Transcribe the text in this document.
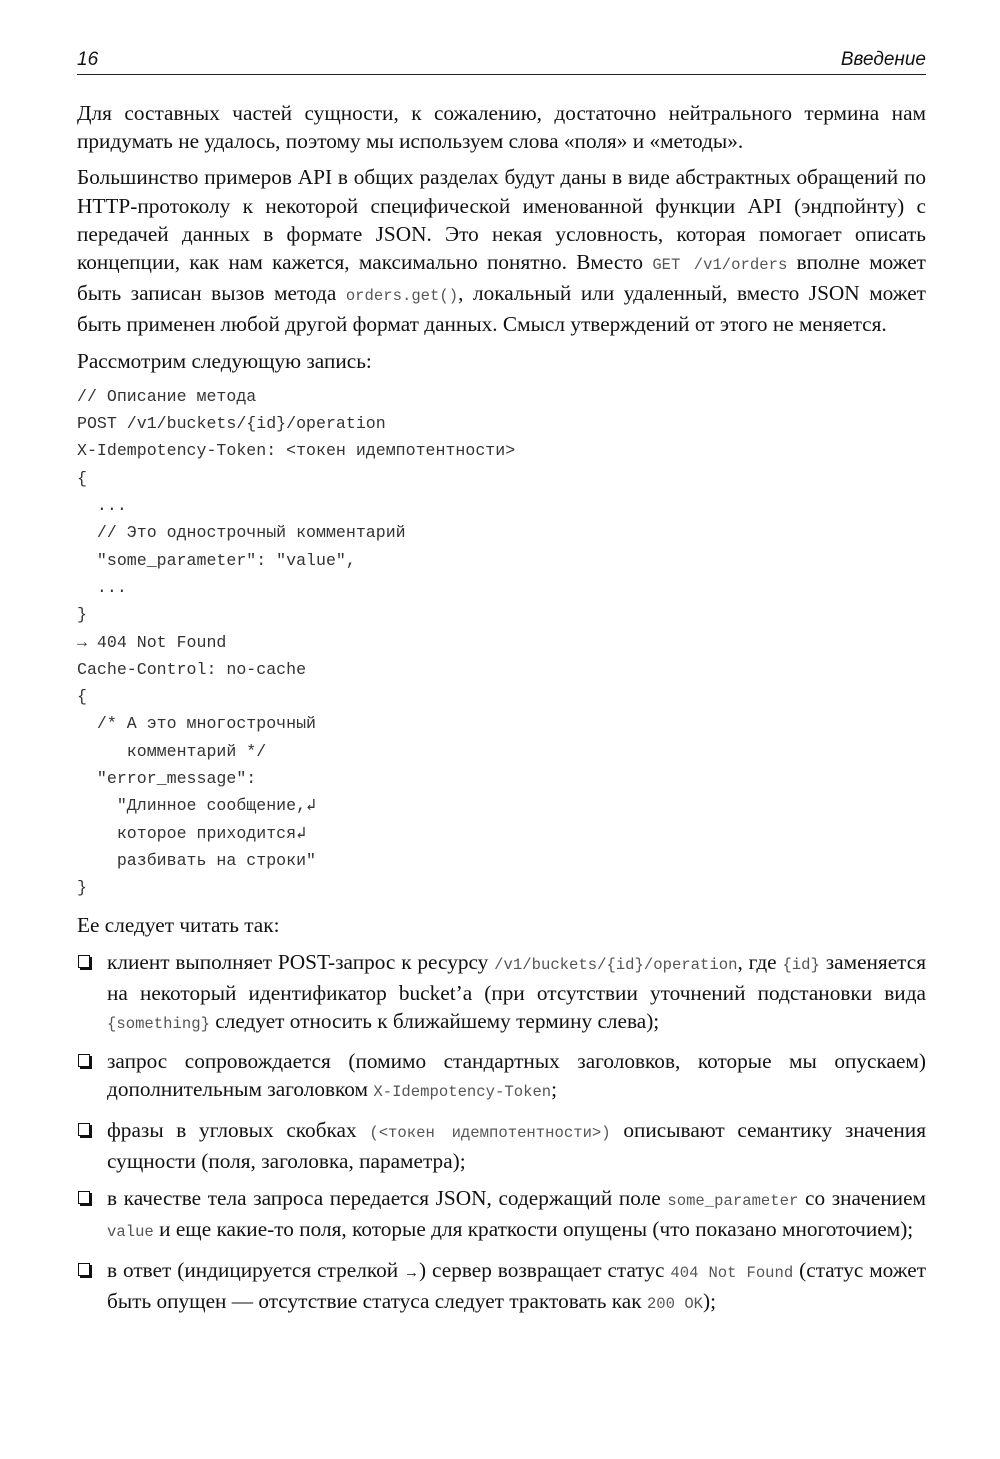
16	Введение

Для составных частей сущности, к сожалению, достаточно нейтрального термина нам придумать не удалось, поэтому мы используем слова «поля» и «методы».

Большинство примеров API в общих разделах будут даны в виде абстрактных обращений по HTTP-протоколу к некоторой специфической именованной функции API (эндпойнту) с передачей данных в формате JSON. Это некая условность, которая помогает описать концепции, как нам кажется, максимально понятно. Вместо GET /v1/orders вполне может быть записан вызов метода orders.get(), локальный или удаленный, вместо JSON может быть применен любой другой формат данных. Смысл утверждений от этого не меняется.

Рассмотрим следующую запись:

// Описание метода
POST /v1/buckets/{id}/operation
X-Idempotency-Token: <токен идемпотентности>
{
...
// Это однострочный комментарий
"some_parameter": "value",
...
}
→ 404 Not Found
Cache-Control: no-cache
{
/* А это многострочный
комментарий */
"error_message":
"Длинное сообщение,↲
которое приходится↲
разбивать на строки"
}

Ее следует читать так:

клиент выполняет POST-запрос к ресурсу /v1/buckets/{id}/operation, где {id} заменяется на некоторый идентификатор bucket’а (при отсутствии уточнений подстановки вида {something} следует относить к ближайшему термину слева);
запрос сопровождается (помимо стандартных заголовков, которые мы опускаем) дополнительным заголовком X-Idempotency-Token;
фразы в угловых скобках (<токен идемпотентности>) описывают семантику значения сущности (поля, заголовка, параметра);
в качестве тела запроса передается JSON, содержащий поле some_parameter со значением value и еще какие-то поля, которые для краткости опущены (что показано многоточием);
в ответ (индицируется стрелкой →) сервер возвращает статус 404 Not Found (статус может быть опущен — отсутствие статуса следует трактовать как 200 OK);
